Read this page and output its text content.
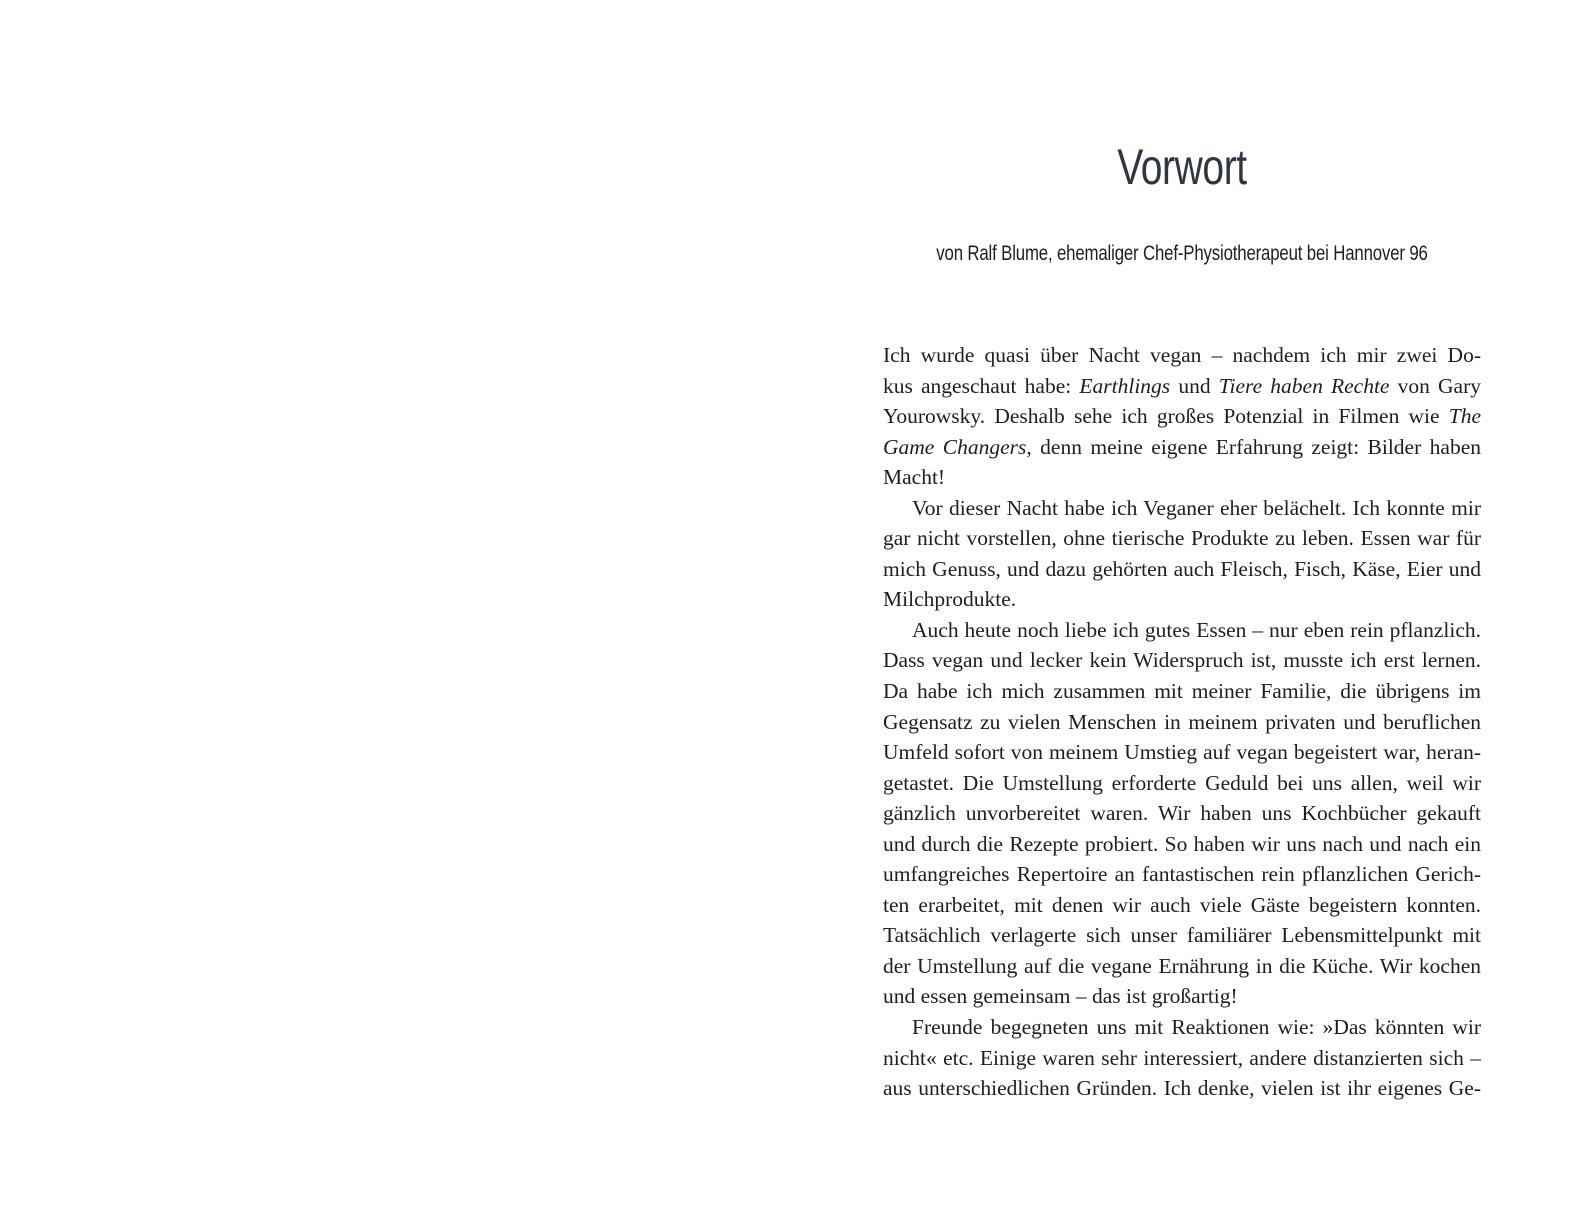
Vorwort
von Ralf Blume, ehemaliger Chef-Physiotherapeut bei Hannover 96
Ich wurde quasi über Nacht vegan – nachdem ich mir zwei Do-
kus angeschaut habe: Earthlings und Tiere haben Rechte von Gary
Yourowsky. Deshalb sehe ich großes Potenzial in Filmen wie The
Game Changers, denn meine eigene Erfahrung zeigt: Bilder haben
Macht!
Vor dieser Nacht habe ich Veganer eher belächelt. Ich konnte mir
gar nicht vorstellen, ohne tierische Produkte zu leben. Essen war für
mich Genuss, und dazu gehörten auch Fleisch, Fisch, Käse, Eier und
Milchprodukte.
Auch heute noch liebe ich gutes Essen – nur eben rein pflanzlich.
Dass vegan und lecker kein Widerspruch ist, musste ich erst lernen.
Da habe ich mich zusammen mit meiner Familie, die übrigens im
Gegensatz zu vielen Menschen in meinem privaten und beruflichen
Umfeld sofort von meinem Umstieg auf vegan begeistert war, heran-
getastet. Die Umstellung erforderte Geduld bei uns allen, weil wir
gänzlich unvorbereitet waren. Wir haben uns Kochbücher gekauft
und durch die Rezepte probiert. So haben wir uns nach und nach ein
umfangreiches Repertoire an fantastischen rein pflanzlichen Gerich-
ten erarbeitet, mit denen wir auch viele Gäste begeistern konnten.
Tatsächlich verlagerte sich unser familiärer Lebensmittelpunkt mit
der Umstellung auf die vegane Ernährung in die Küche. Wir kochen
und essen gemeinsam – das ist großartig!
Freunde begegneten uns mit Reaktionen wie: »Das könnten wir
nicht« etc. Einige waren sehr interessiert, andere distanzierten sich –
aus unterschiedlichen Gründen. Ich denke, vielen ist ihr eigenes Ge-
